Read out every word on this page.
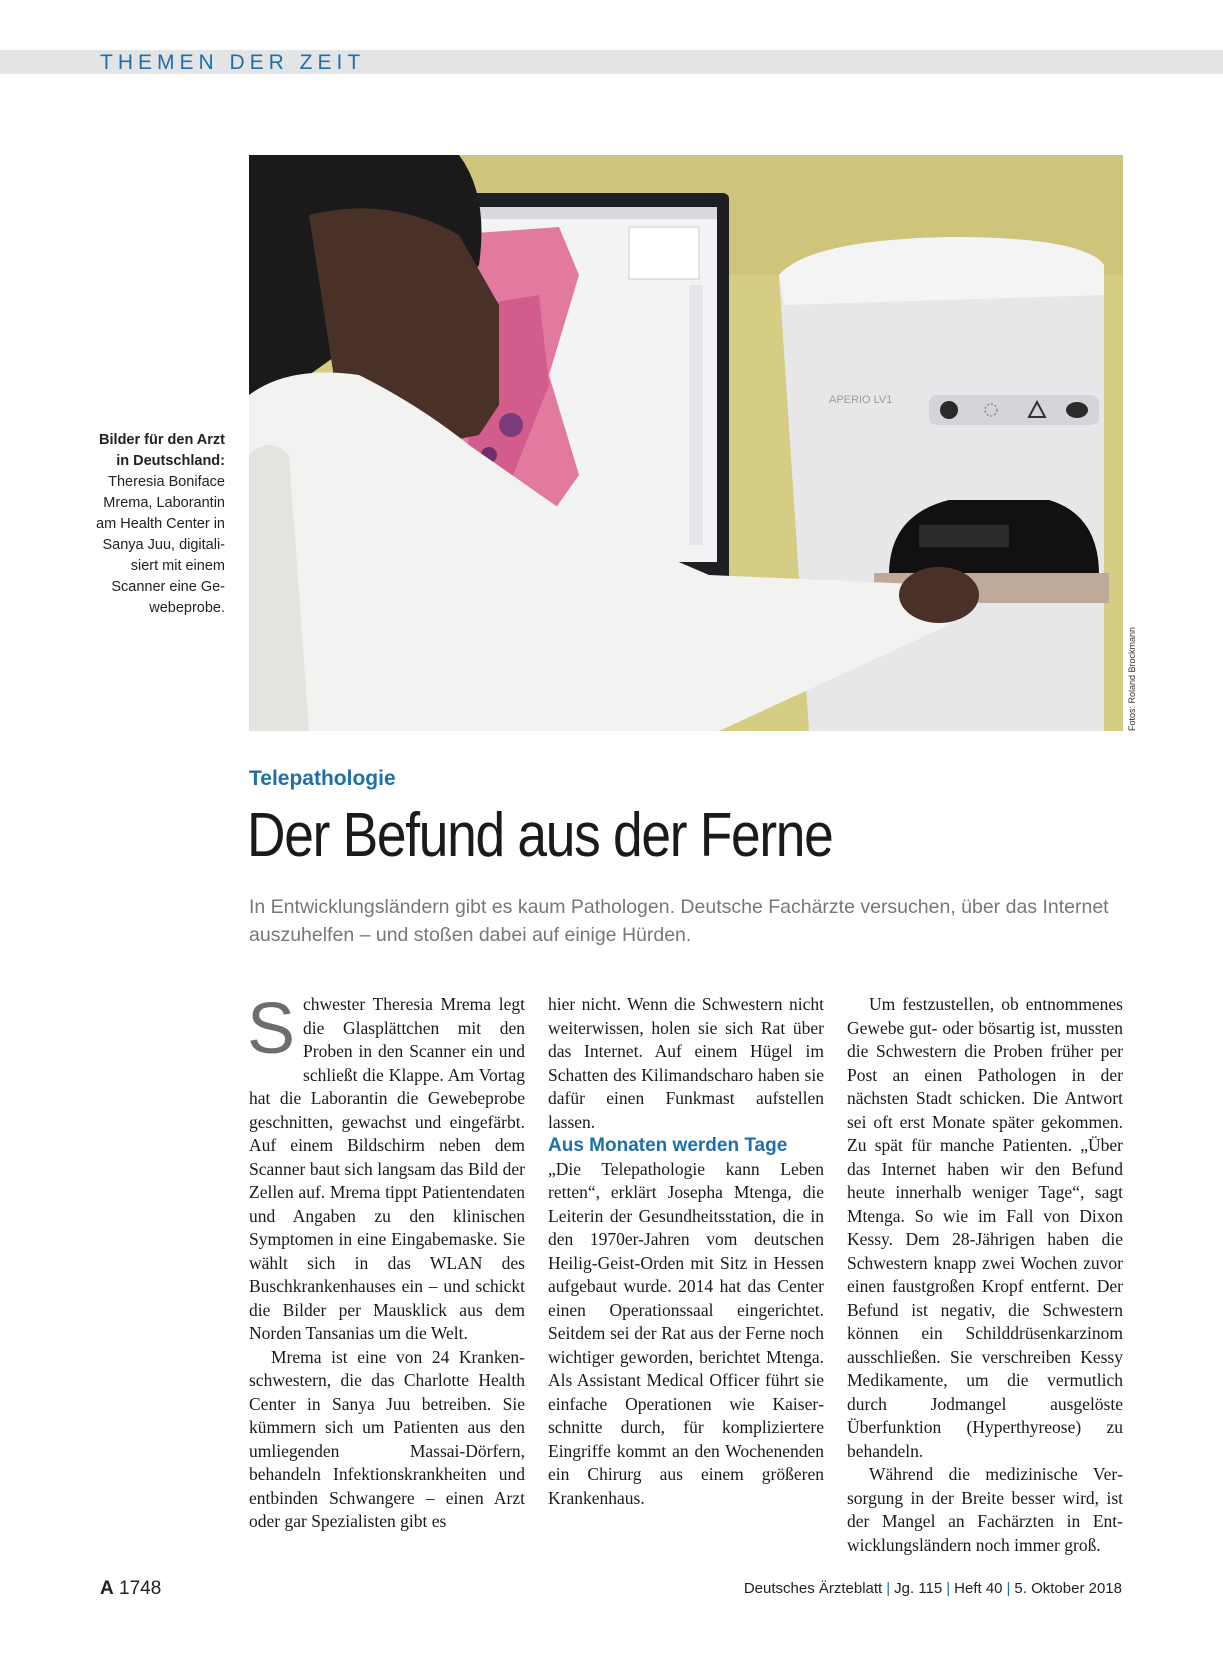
THEMEN DER ZEIT
APERIO LV1
Fotos: Roland Brockmann
Bilder für den Arzt
in Deutschland:
Theresia Boniface
Mrema, Laborantin
am Health Center in
Sanya Juu, digitali-
siert mit einem
Scanner eine Ge-
webeprobe.
Telepathologie
Der Befund aus der Ferne
In Entwicklungsländern gibt es kaum Pathologen. Deutsche Fachärzte versuchen, über das Internet auszuhelfen – und stoßen dabei auf einige Hürden.

Schwester Theresia Mrema legt die Glasplättchen mit den Proben in den Scanner ein und schließt die Klappe. Am Vortag hat die Laborantin die Gewebeprobe geschnitten, gewachst und eingefärbt. Auf einem Bildschirm neben dem Scanner baut sich langsam das Bild der Zellen auf. Mrema tippt Patientendaten und Angaben zu den klinischen Symptomen in eine Eingabemaske. Sie wählt sich in das WLAN des Buschkrankenhauses ein – und schickt die Bilder per Mausklick aus dem Norden Tansanias um die Welt.

Mrema ist eine von 24 Krankenschwestern, die das Charlotte Health Center in Sanya Juu betreiben. Sie kümmern sich um Patienten aus den umliegenden Massai-Dörfern, behandeln Infektionskrankheiten und entbinden Schwangere – einen Arzt oder gar Spezialisten gibt es

hier nicht. Wenn die Schwestern nicht weiterwissen, holen sie sich Rat über das Internet. Auf einem Hügel im Schatten des Kilimandscharo haben sie dafür einen Funkmast aufstellen lassen.

Aus Monaten werden Tage

„Die Telepathologie kann Leben retten“, erklärt Josepha Mtenga, die Leiterin der Gesundheitsstation, die in den 1970er-Jahren vom deutschen Heilig-Geist-Orden mit Sitz in Hessen aufgebaut wurde. 2014 hat das Center einen Operationssaal eingerichtet. Seitdem sei der Rat aus der Ferne noch wichtiger geworden, berichtet Mtenga. Als Assistant Medical Officer führt sie einfache Operationen wie Kaiserschnitte durch, für kompliziertere Eingriffe kommt an den Wochenenden ein Chirurg aus einem größeren Krankenhaus.

Um festzustellen, ob entnommenes Gewebe gut- oder bösartig ist, mussten die Schwestern die Proben früher per Post an einen Pathologen in der nächsten Stadt schicken. Die Antwort sei oft erst Monate später gekommen. Zu spät für manche Patienten. „Über das Internet haben wir den Befund heute innerhalb weniger Tage“, sagt Mtenga. So wie im Fall von Dixon Kessy. Dem 28-Jährigen haben die Schwestern knapp zwei Wochen zuvor einen faustgroßen Kropf entfernt. Der Befund ist negativ, die Schwestern können ein Schilddrüsenkarzinom ausschließen. Sie verschreiben Kessy Medikamente, um die vermutlich durch Jodmangel ausgelöste Überfunktion (Hyperthyreose) zu behandeln.

Während die medizinische Versorgung in der Breite besser wird, ist der Mangel an Fachärzten in Entwicklungsländern noch immer groß.

A 1748	Deutsches Ärzteblatt | Jg. 115 | Heft 40 | 5. Oktober 2018
